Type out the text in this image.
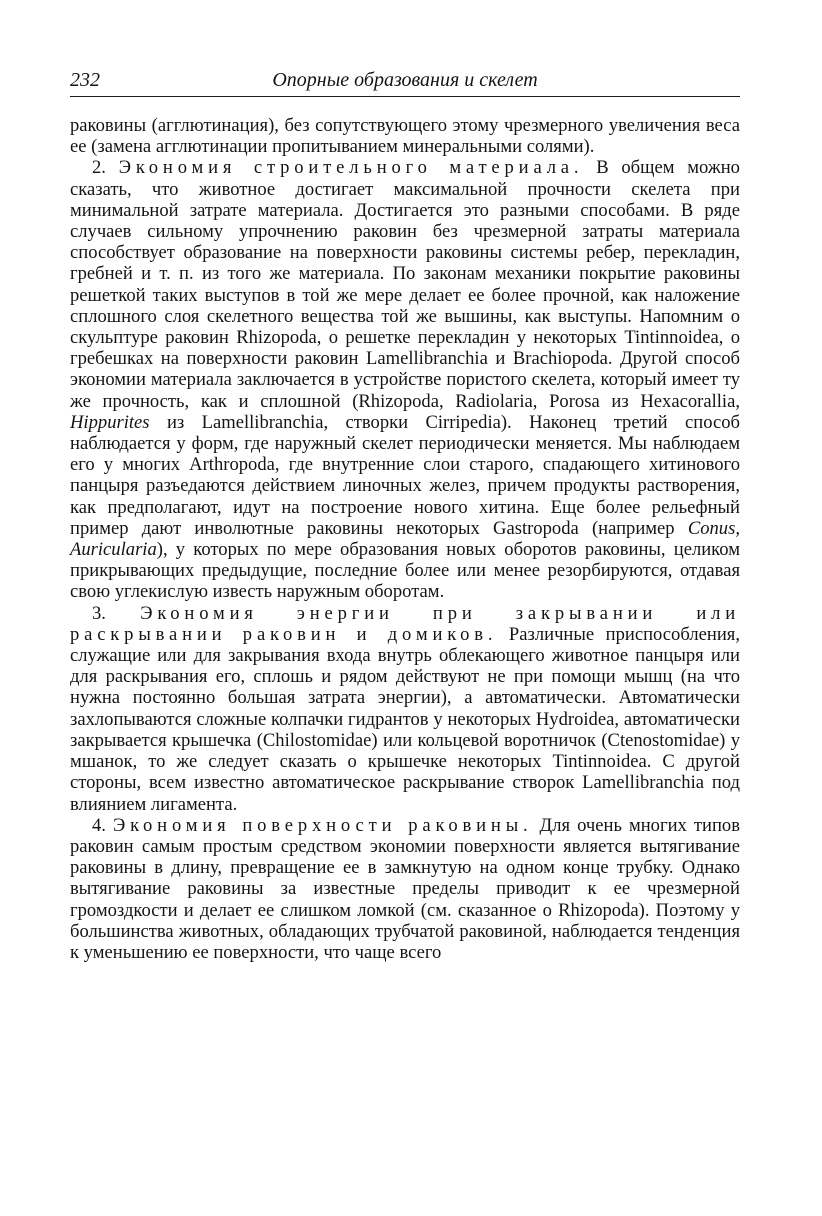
232	Опорные образования и скелет

раковины (агглютинация), без сопутствующего этому чрезмерного увеличения веса ее (замена агглютинации пропитыванием минеральными солями).

2. Экономия строительного материала. В общем можно сказать, что животное достигает максимальной прочности скелета при минимальной затрате материала. Достигается это разными способами. В ряде случаев сильному упрочнению раковин без чрезмерной затраты материала способствует образование на поверхности раковины системы ребер, перекладин, гребней и т. п. из того же материала. По законам механики покрытие раковины решеткой таких выступов в той же мере делает ее более прочной, как наложение сплошного слоя скелетного вещества той же вышины, как выступы. Напомним о скульптуре раковин Rhizopoda, о решетке перекладин у некоторых Tintinnoidea, о гребешках на поверхности раковин Lamellibranchia и Brachiopoda. Другой способ экономии материала заключается в устройстве пористого скелета, который имеет ту же прочность, как и сплошной (Rhizopoda, Radiolaria, Porosa из Hexacorallia, Hippurites из Lamellibranchia, створки Cirripedia). Наконец третий способ наблюдается у форм, где наружный скелет периодически меняется. Мы наблюдаем его у многих Arthropoda, где внутренние слои старого, спадающего хитинового панцыря разъедаются действием линочных желез, причем продукты растворения, как предполагают, идут на построение нового хитина. Еще более рельефный пример дают инволютные раковины некоторых Gastropoda (например Conus, Auricularia), у которых по мере образования новых оборотов раковины, целиком прикрывающих предыдущие, последние более или менее резорбируются, отдавая свою углекислую известь наружным оборотам.

3. Экономия энергии при закрывании или раскрывании раковин и домиков. Различные приспособления, служащие или для закрывания входа внутрь облекающего животное панцыря или для раскрывания его, сплошь и рядом действуют не при помощи мышц (на что нужна постоянно большая затрата энергии), а автоматически. Автоматически захлопываются сложные колпачки гидрантов у некоторых Hydroidea, автоматически закрывается крышечка (Chilostomidae) или кольцевой воротничок (Ctenostomidae) у мшанок, то же следует сказать о крышечке некоторых Tintinnoidea. С другой стороны, всем известно автоматическое раскрывание створок Lamellibranchia под влиянием лигамента.

4. Экономия поверхности раковины. Для очень многих типов раковин самым простым средством экономии поверхности является вытягивание раковины в длину, превращение ее в замкнутую на одном конце трубку. Однако вытягивание раковины за известные пределы приводит к ее чрезмерной громоздкости и делает ее слишком ломкой (см. сказанное о Rhizopoda). Поэтому у большинства животных, обладающих трубчатой раковиной, наблюдается тенденция к уменьшению ее поверхности, что чаще всего
